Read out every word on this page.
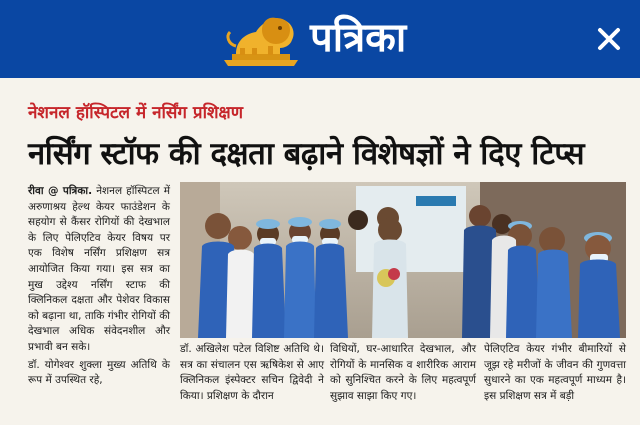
पत्रिका
नेशनल हॉस्पिटल में नर्सिंग प्रशिक्षण
नर्सिंग स्टॉफ की दक्षता बढ़ाने विशेषज्ञों ने दिए टिप्स

रीवा @ पत्रिका. नेशनल हॉस्पिटल में अरुणाश्रय हेल्थ केयर फाउंडेशन के सहयोग से कैंसर रोगियों की देखभाल के लिए पेलिएटिव केयर विषय पर एक विशेष नर्सिंग प्रशिक्षण सत्र आयोजित किया गया। इस सत्र का मुख उद्देश्य नर्सिंग स्टाफ की क्लिनिकल दक्षता और पेशेवर विकास को बढ़ाना था, ताकि गंभीर रोगियों की देखभाल अधिक संवेदनशील और प्रभावी बन सके।

डॉ. योगेश्वर शुक्ला मुख्य अतिथि के रूप में उपस्थित रहे,

डॉ. अखिलेश पटेल विशिष्ट अतिथि थे। सत्र का संचालन एस ऋषिकेश से आए क्लिनिकल इंस्पेक्टर सचिन द्विवेदी ने किया। प्रशिक्षण के दौरान
विधियों, घर-आधारित देखभाल, और रोगियों के मानसिक व शारीरिक आराम को सुनिश्चित करने के लिए महत्वपूर्ण सुझाव साझा किए गए।
पेलिएटिव केयर गंभीर बीमारियों से जूझ रहे मरीजों के जीवन की गुणवत्ता सुधारने का एक महत्वपूर्ण माध्यम है। इस प्रशिक्षण सत्र में बड़ी
